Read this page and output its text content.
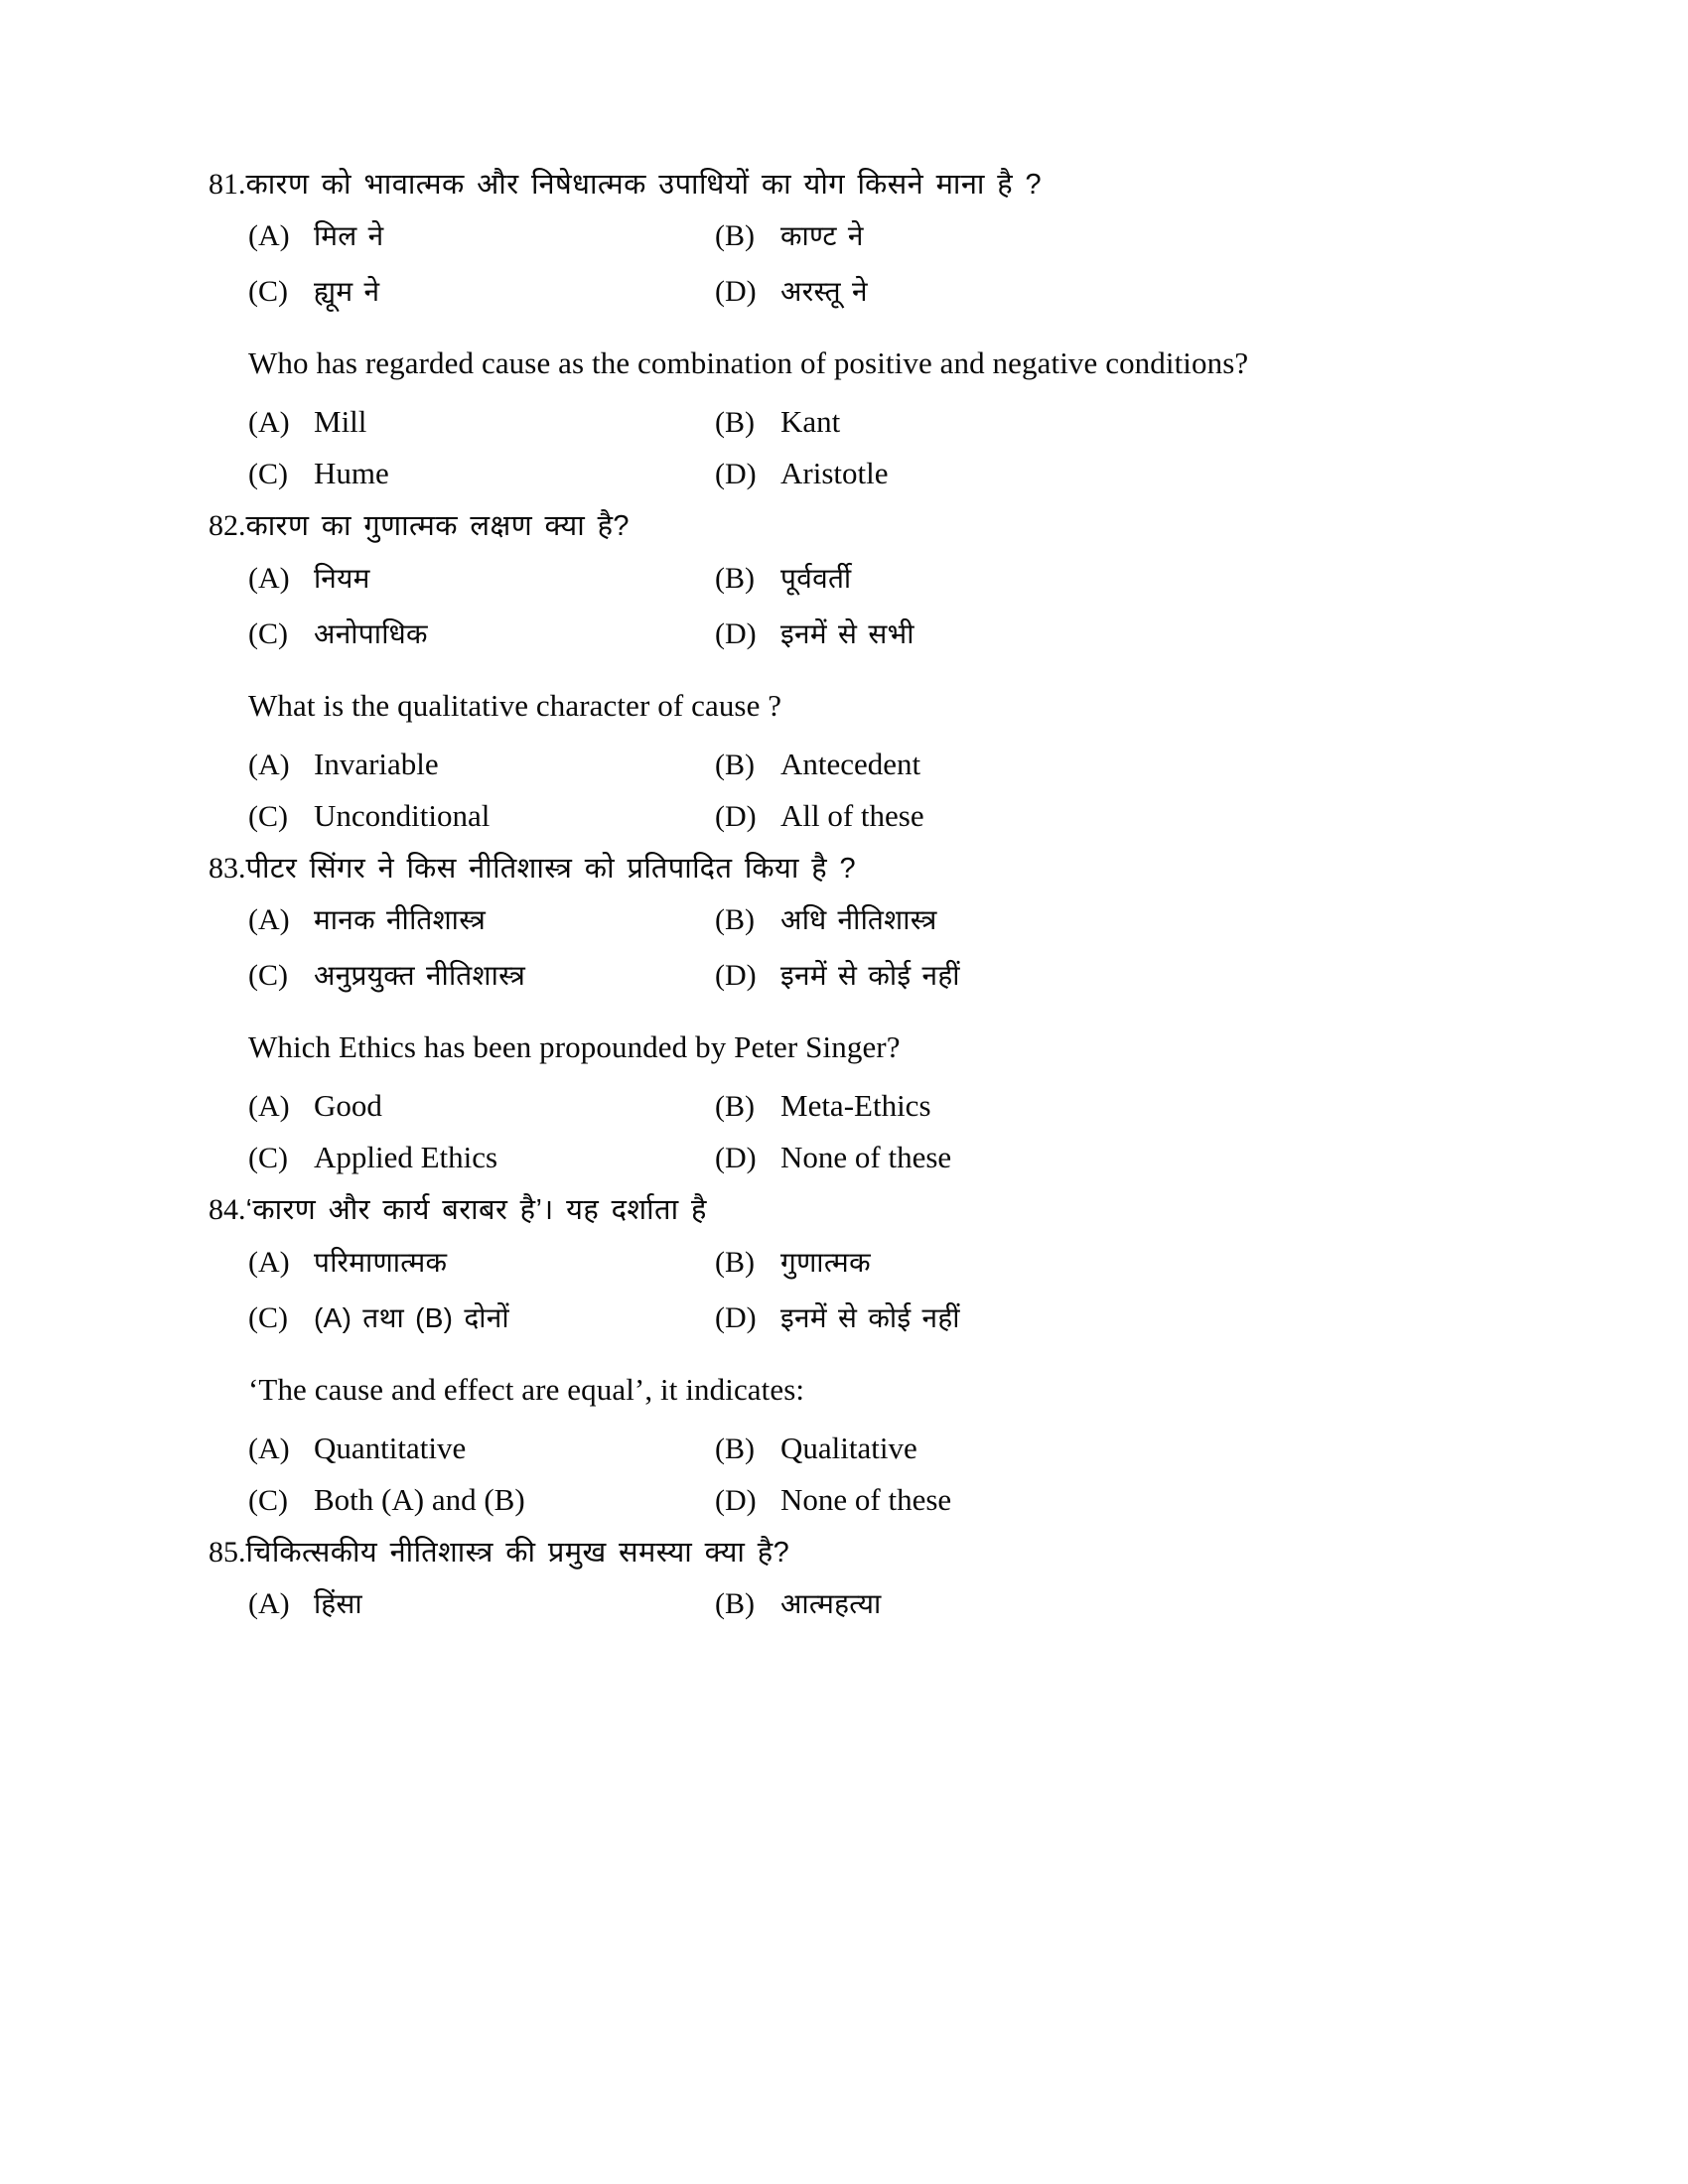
81. कारण को भावात्मक और निषेधात्मक उपाधियों का योग किसने माना है ?
(A) मिल ने	(B) काण्ट ने
(C) ह्यूम ने	(D) अरस्तू ने
Who has regarded cause as the combination of positive and negative conditions?
(A) Mill	(B) Kant
(C) Hume	(D) Aristotle
82. कारण का गुणात्मक लक्षण क्या है?
(A) नियम	(B) पूर्ववर्ती
(C) अनोपाधिक	(D) इनमें से सभी
What is the qualitative character of cause ?
(A) Invariable	(B) Antecedent
(C) Unconditional	(D) All of these
83. पीटर सिंगर ने किस नीतिशास्त्र को प्रतिपादित किया है ?
(A) मानक नीतिशास्त्र	(B) अधि नीतिशास्त्र
(C) अनुप्रयुक्त नीतिशास्त्र	(D) इनमें से कोई नहीं
Which Ethics has been propounded by Peter Singer?
(A) Good	(B) Meta-Ethics
(C) Applied Ethics	(D) None of these
84. ‘कारण और कार्य बराबर है’। यह दर्शाता है
(A) परिमाणात्मक	(B) गुणात्मक
(C) (A) तथा (B) दोनों	(D) इनमें से कोई नहीं
‘The cause and effect are equal’, it indicates:
(A) Quantitative	(B) Qualitative
(C) Both (A) and (B)	(D) None of these
85. चिकित्सकीय नीतिशास्त्र की प्रमुख समस्या क्या है?
(A) हिंसा	(B) आत्महत्या
